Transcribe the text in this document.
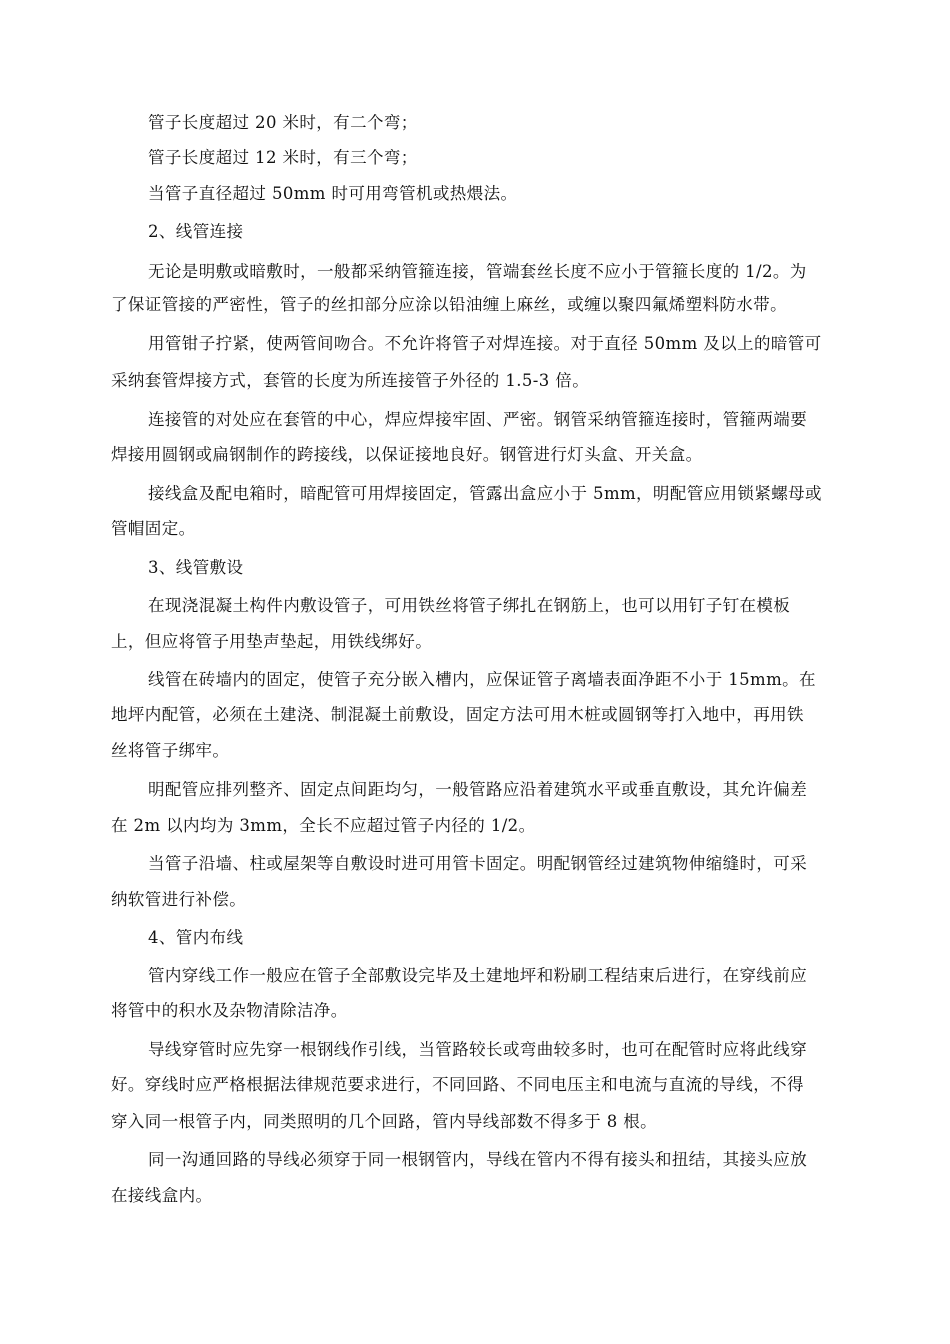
管子长度超过 20 米时，有二个弯；
管子长度超过 12 米时，有三个弯；
当管子直径超过 50mm 时可用弯管机或热煨法。
2、线管连接
无论是明敷或暗敷时，一般都采纳管箍连接，管端套丝长度不应小于管箍长度的 1/2。为
了保证管接的严密性，管子的丝扣部分应涂以铅油缠上麻丝，或缠以聚四氟烯塑料防水带。
用管钳子拧紧，使两管间吻合。不允许将管子对焊连接。对于直径 50mm 及以上的暗管可
采纳套管焊接方式，套管的长度为所连接管子外径的 1.5-3 倍。
连接管的对处应在套管的中心，焊应焊接牢固、严密。钢管采纳管箍连接时，管箍两端要
焊接用圆钢或扁钢制作的跨接线，以保证接地良好。钢管进行灯头盒、开关盒。
接线盒及配电箱时，暗配管可用焊接固定，管露出盒应小于 5mm，明配管应用锁紧螺母或
管帽固定。
3、线管敷设
在现浇混凝土构件内敷设管子，可用铁丝将管子绑扎在钢筋上，也可以用钉子钉在模板
上，但应将管子用垫声垫起，用铁线绑好。
线管在砖墙内的固定，使管子充分嵌入槽内，应保证管子离墙表面净距不小于 15mm。在
地坪内配管，必须在土建浇、制混凝土前敷设，固定方法可用木桩或圆钢等打入地中，再用铁
丝将管子绑牢。
明配管应排列整齐、固定点间距均匀，一般管路应沿着建筑水平或垂直敷设，其允许偏差
在 2m 以内均为 3mm，全长不应超过管子内径的 1/2。
当管子沿墙、柱或屋架等自敷设时进可用管卡固定。明配钢管经过建筑物伸缩缝时，可采
纳软管进行补偿。
4、管内布线
管内穿线工作一般应在管子全部敷设完毕及土建地坪和粉刷工程结束后进行，在穿线前应
将管中的积水及杂物清除洁净。
导线穿管时应先穿一根钢线作引线，当管路较长或弯曲较多时，也可在配管时应将此线穿
好。穿线时应严格根据法律规范要求进行，不同回路、不同电压主和电流与直流的导线，不得
穿入同一根管子内，同类照明的几个回路，管内导线部数不得多于 8 根。
同一沟通回路的导线必须穿于同一根钢管内，导线在管内不得有接头和扭结，其接头应放
在接线盒内。
